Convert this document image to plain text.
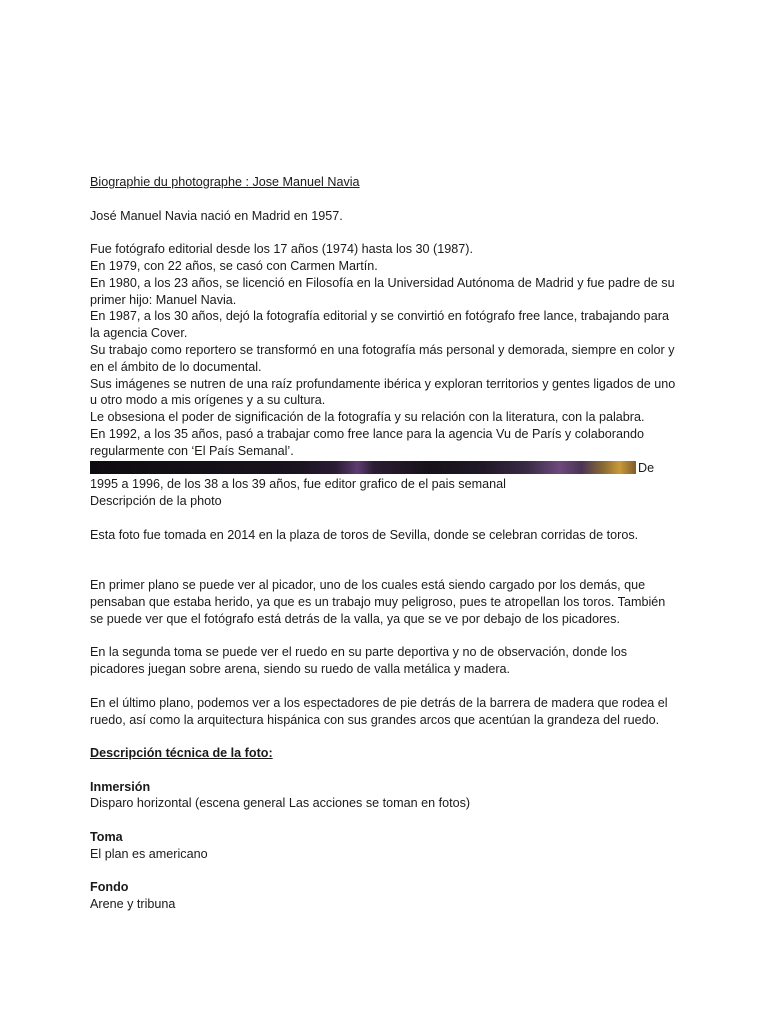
Biographie du photographe : Jose Manuel Navia
José Manuel Navia nació en Madrid en 1957.
Fue fotógrafo editorial desde los 17 años (1974) hasta los 30 (1987).
En 1979, con 22 años, se casó con Carmen Martín.
En 1980, a los 23 años, se licenció en Filosofía en la Universidad Autónoma de Madrid y fue padre de su
primer hijo: Manuel Navia.
En 1987, a los 30 años, dejó la fotografía editorial y se convirtió en fotógrafo free lance, trabajando para
la agencia Cover.
Su trabajo como reportero se transformó en una fotografía más personal y demorada, siempre en color y
en el ámbito de lo documental.
Sus imágenes se nutren de una raíz profundamente ibérica y exploran territorios y gentes ligados de uno
u otro modo a mis orígenes y a su cultura.
Le obsesiona el poder de significación de la fotografía y su relación con la literatura, con la palabra.
En 1992, a los 35 años, pasó a trabajar como free lance para la agencia Vu de París y colaborando
regularmente con ‘El País Semanal’.
De
1995 a 1996, de los 38 a los 39 años, fue editor grafico de el pais semanal
Descripción de la photo
Esta foto fue tomada en 2014 en la plaza de toros de Sevilla, donde se celebran corridas de toros.
En primer plano se puede ver al picador, uno de los cuales está siendo cargado por los demás, que
pensaban que estaba herido, ya que es un trabajo muy peligroso, pues te atropellan los toros. También
se puede ver que el fotógrafo está detrás de la valla, ya que se ve por debajo de los picadores.
En la segunda toma se puede ver el ruedo en su parte deportiva y no de observación, donde los
picadores juegan sobre arena, siendo su ruedo de valla metálica y madera.
En el último plano, podemos ver a los espectadores de pie detrás de la barrera de madera que rodea el
ruedo, así como la arquitectura hispánica con sus grandes arcos que acentúan la grandeza del ruedo.
Descripción técnica de la foto:
Inmersión
Disparo horizontal (escena general Las acciones se toman en fotos)
Toma
El plan es americano
Fondo
Arene y tribuna
